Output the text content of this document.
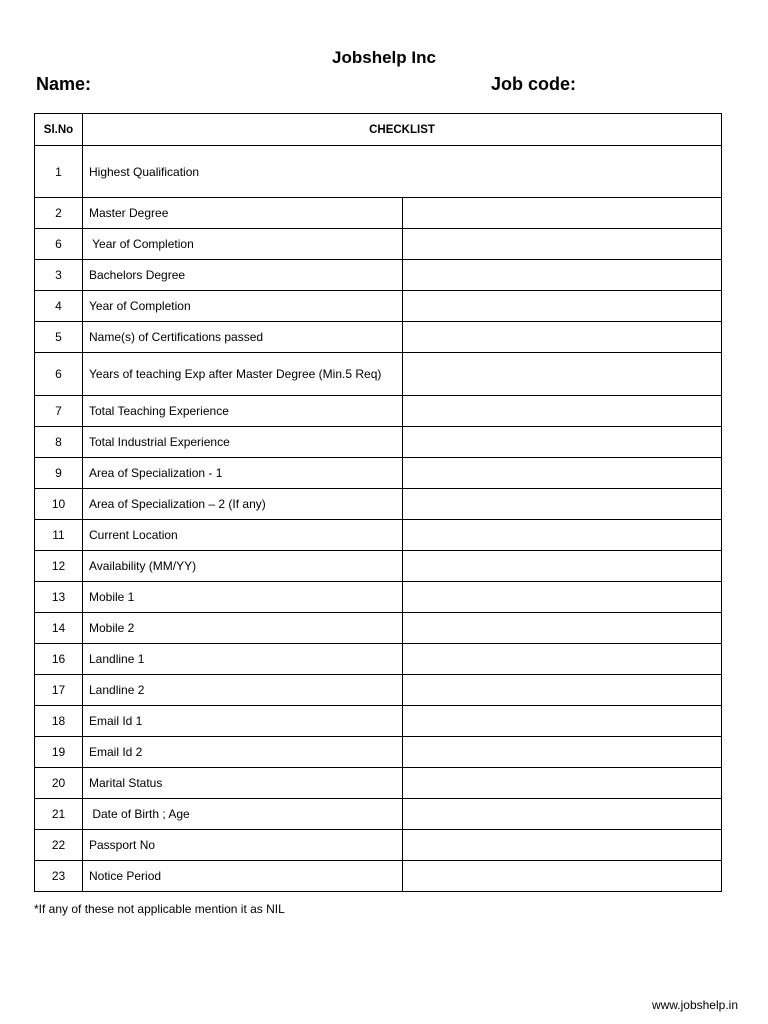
Jobshelp Inc
Name:	Job code:
Sl.No	CHECKLIST	
1	Highest Qualification	
2	Master Degree	
6	Year of Completion	
3	Bachelors Degree	
4	Year of Completion	
5	Name(s) of Certifications passed	
6	Years of teaching Exp after Master Degree (Min.5 Req)	
7	Total Teaching Experience	
8	Total Industrial Experience	
9	Area of Specialization - 1	
10	Area of Specialization – 2 (If any)	
11	Current Location	
12	Availability (MM/YY)	
13	Mobile 1	
14	Mobile 2	
16	Landline 1	
17	Landline 2	
18	Email Id 1	
19	Email Id 2	
20	Marital Status	
21	Date of Birth ; Age	
22	Passport No	
23	Notice Period	
*If any of these not applicable mention it as NIL
www.jobshelp.in
